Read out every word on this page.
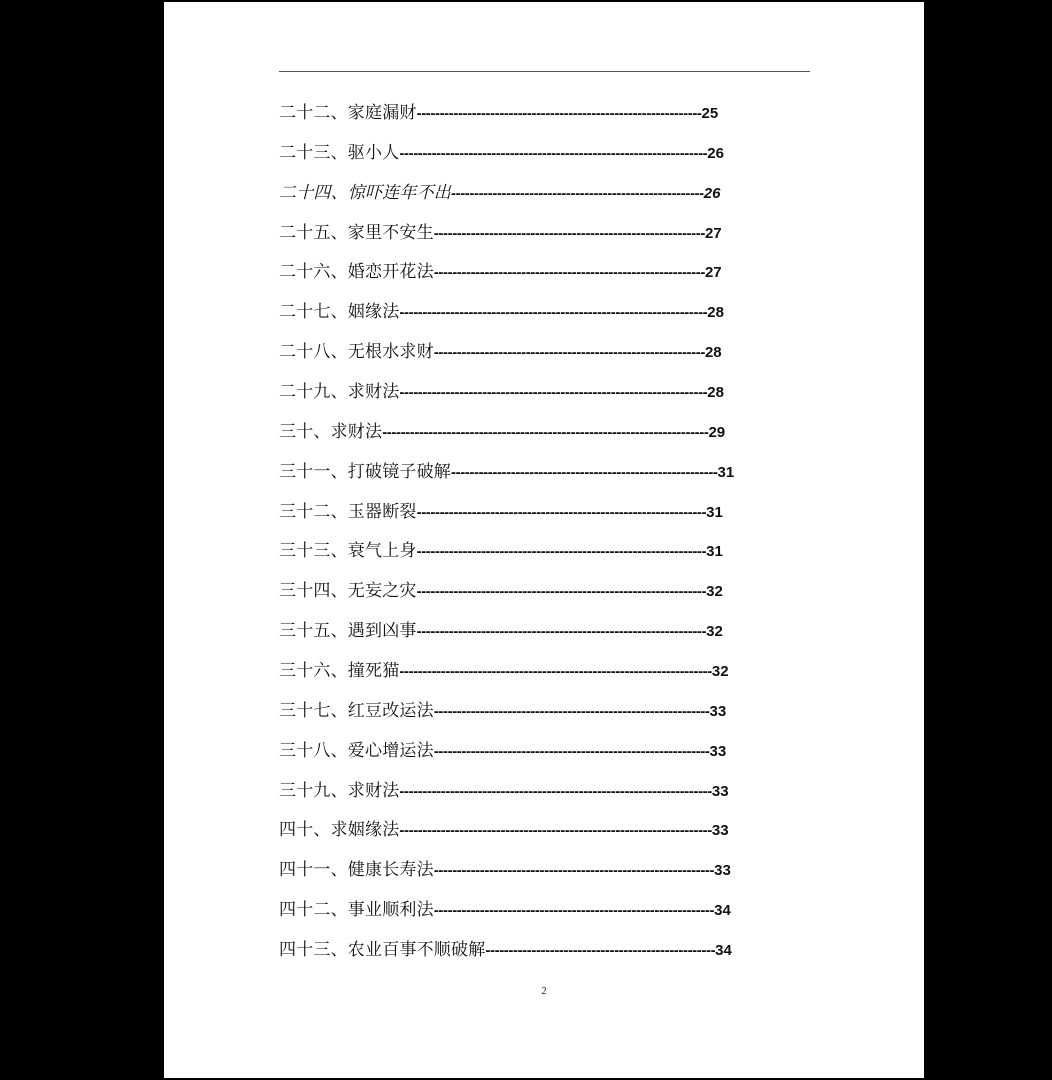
二十二、家庭漏财--------------------------------------------------------------25
二十三、驱小人-------------------------------------------------------------------26
二十四、惊吓连年不出-------------------------------------------------------26
二十五、家里不安生-----------------------------------------------------------27
二十六、婚恋开花法-----------------------------------------------------------27
二十七、姻缘法-------------------------------------------------------------------28
二十八、无根水求财-----------------------------------------------------------28
二十九、求财法-------------------------------------------------------------------28
三十、求财法-----------------------------------------------------------------------29
三十一、打破镜子破解----------------------------------------------------------31
三十二、玉器断裂---------------------------------------------------------------31
三十三、衰气上身---------------------------------------------------------------31
三十四、无妄之灾---------------------------------------------------------------32
三十五、遇到凶事---------------------------------------------------------------32
三十六、撞死猫--------------------------------------------------------------------32
三十七、红豆改运法------------------------------------------------------------33
三十八、爱心增运法------------------------------------------------------------33
三十九、求财法--------------------------------------------------------------------33
四十、求姻缘法--------------------------------------------------------------------33
四十一、健康长寿法-------------------------------------------------------------33
四十二、事业顺利法-------------------------------------------------------------34
四十三、农业百事不顺破解--------------------------------------------------34
2
